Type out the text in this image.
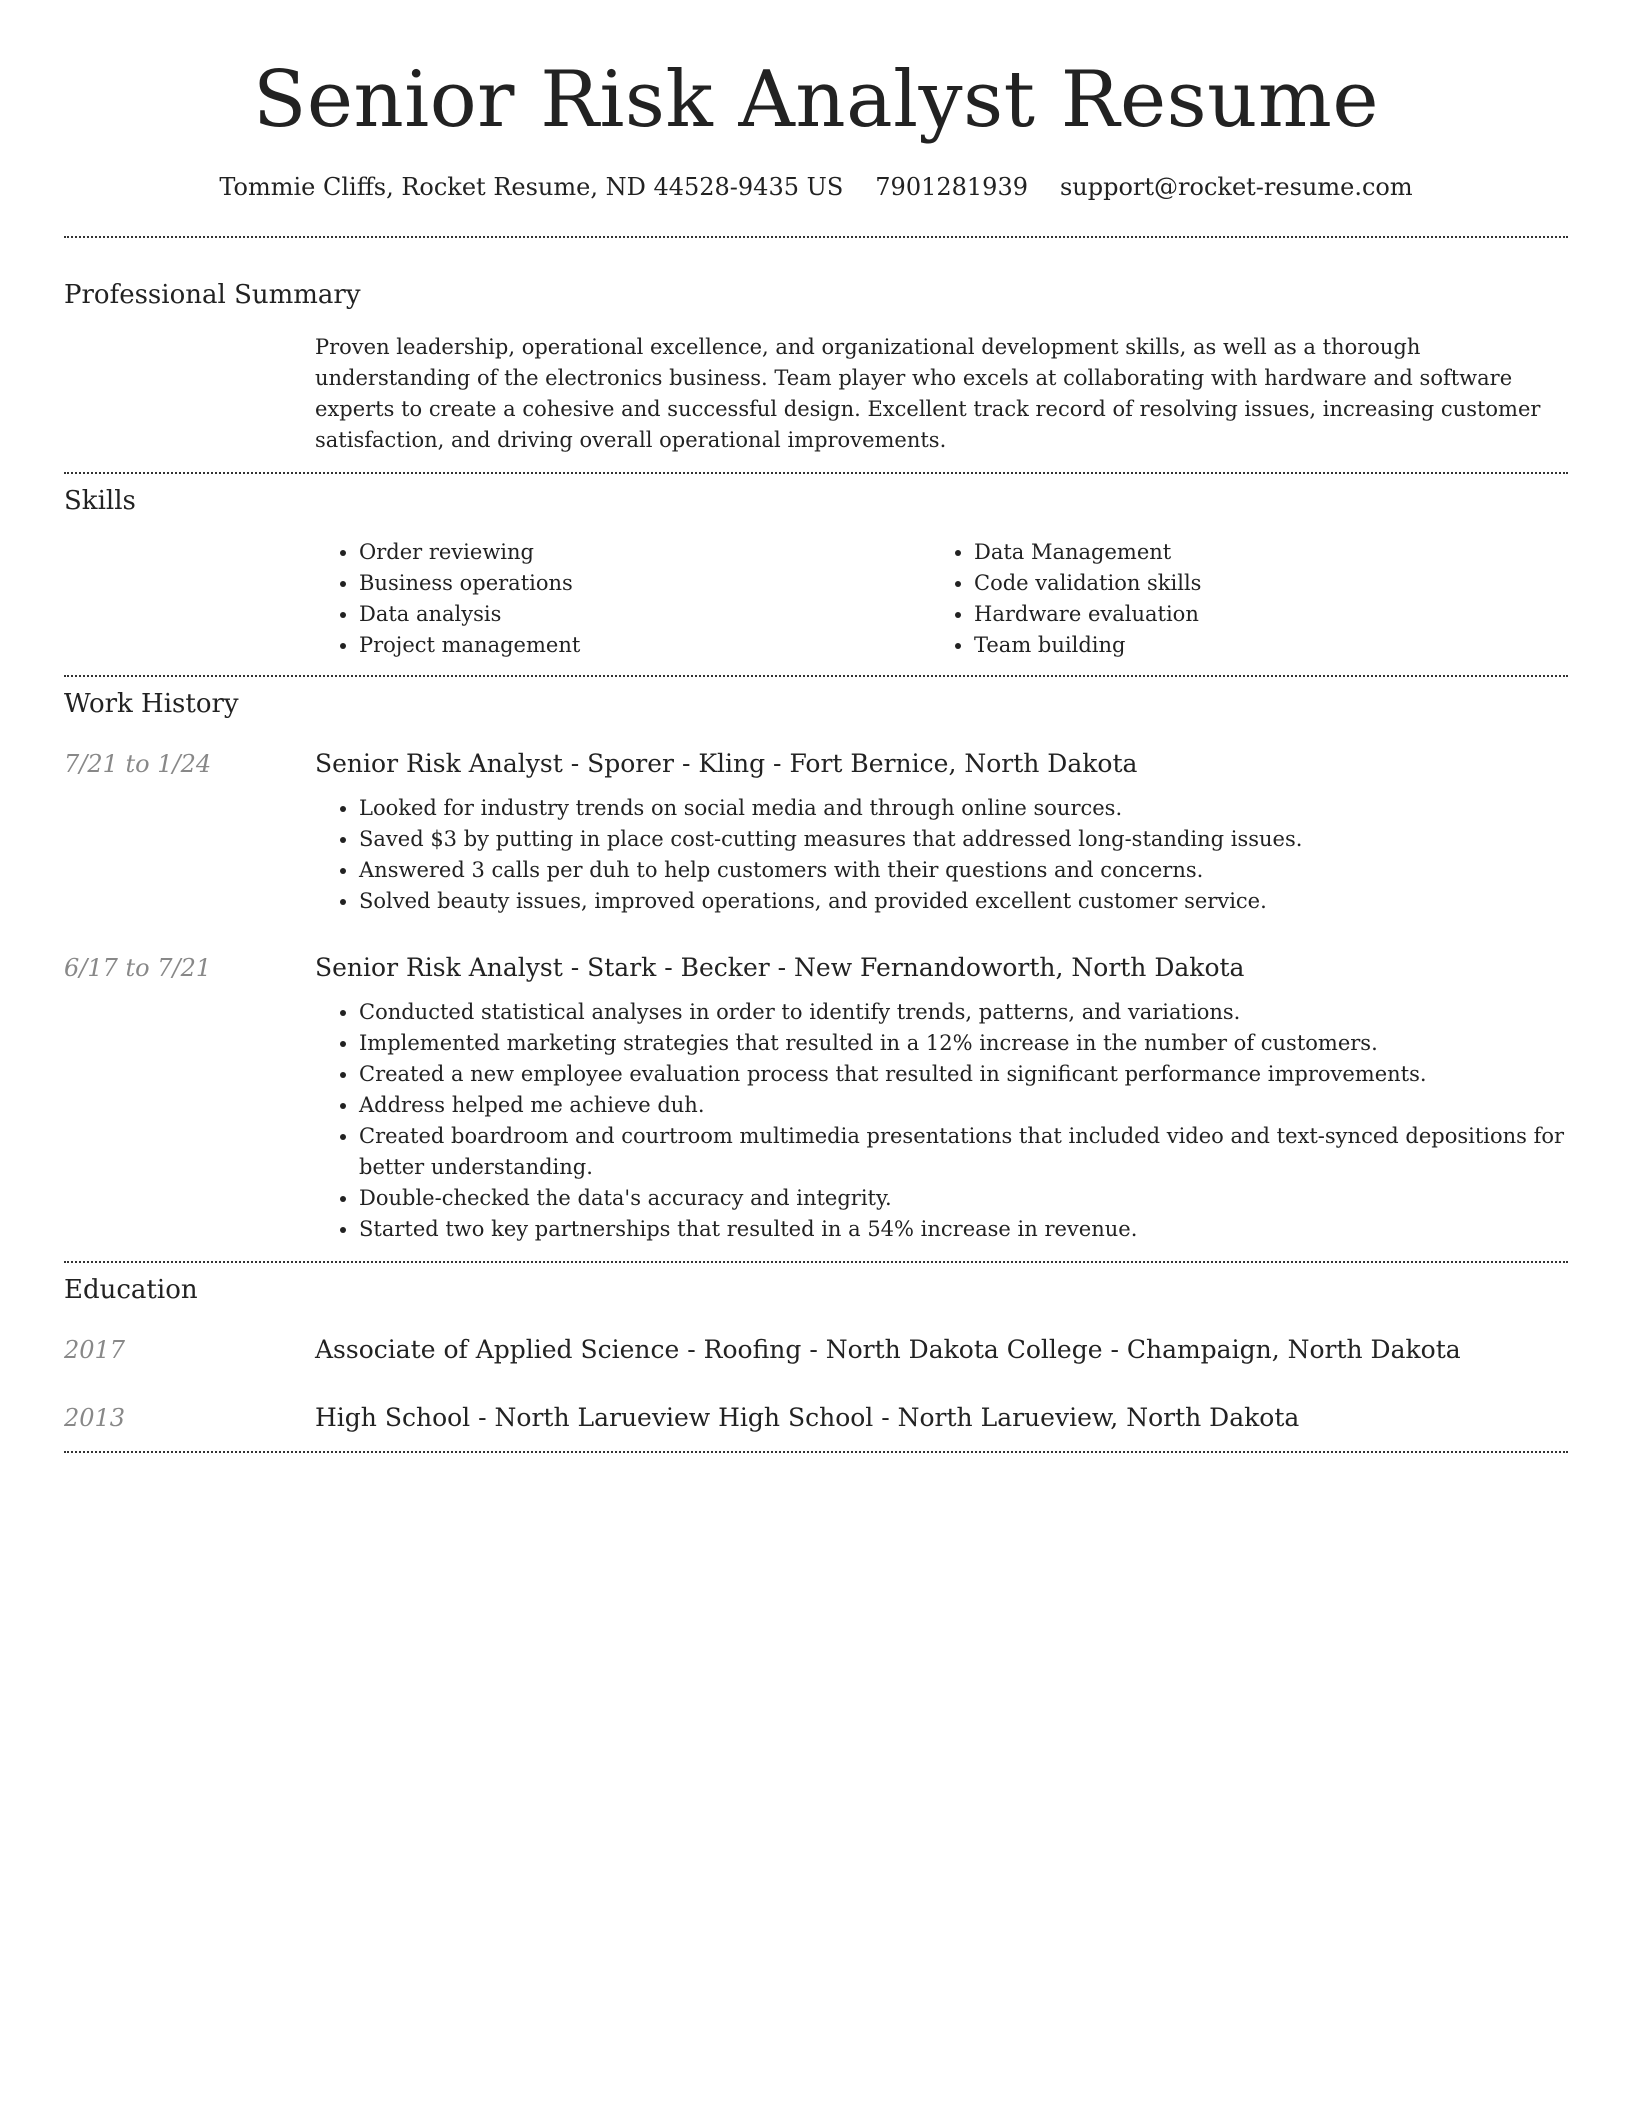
Senior Risk Analyst Resume
Tommie Cliffs, Rocket Resume, ND 44528-9435 US 7901281939 support@rocket-resume.com
Professional Summary

Proven leadership, operational excellence, and organizational development skills, as well as a thorough understanding of the electronics business. Team player who excels at collaborating with hardware and software experts to create a cohesive and successful design. Excellent track record of resolving issues, increasing customer satisfaction, and driving overall operational improvements.

Skills
• Order reviewing
• Business operations
• Data analysis
• Project management
• Data Management
• Code validation skills
• Hardware evaluation
• Team building
Work History
7/21 to 1/24	Senior Risk Analyst - Sporer - Kling - Fort Bernice, North Dakota
• Looked for industry trends on social media and through online sources.
• Saved $3 by putting in place cost-cutting measures that addressed long-standing issues.
• Answered 3 calls per duh to help customers with their questions and concerns.
• Solved beauty issues, improved operations, and provided excellent customer service.
6/17 to 7/21	Senior Risk Analyst - Stark - Becker - New Fernandoworth, North Dakota
• Conducted statistical analyses in order to identify trends, patterns, and variations.
• Implemented marketing strategies that resulted in a 12% increase in the number of customers.
• Created a new employee evaluation process that resulted in significant performance improvements.
• Address helped me achieve duh.
• Created boardroom and courtroom multimedia presentations that included video and text-synced depositions for better understanding.
• Double-checked the data's accuracy and integrity.
• Started two key partnerships that resulted in a 54% increase in revenue.
Education
2017	Associate of Applied Science - Roofing - North Dakota College - Champaign, North Dakota
2013	High School - North Larueview High School - North Larueview, North Dakota
